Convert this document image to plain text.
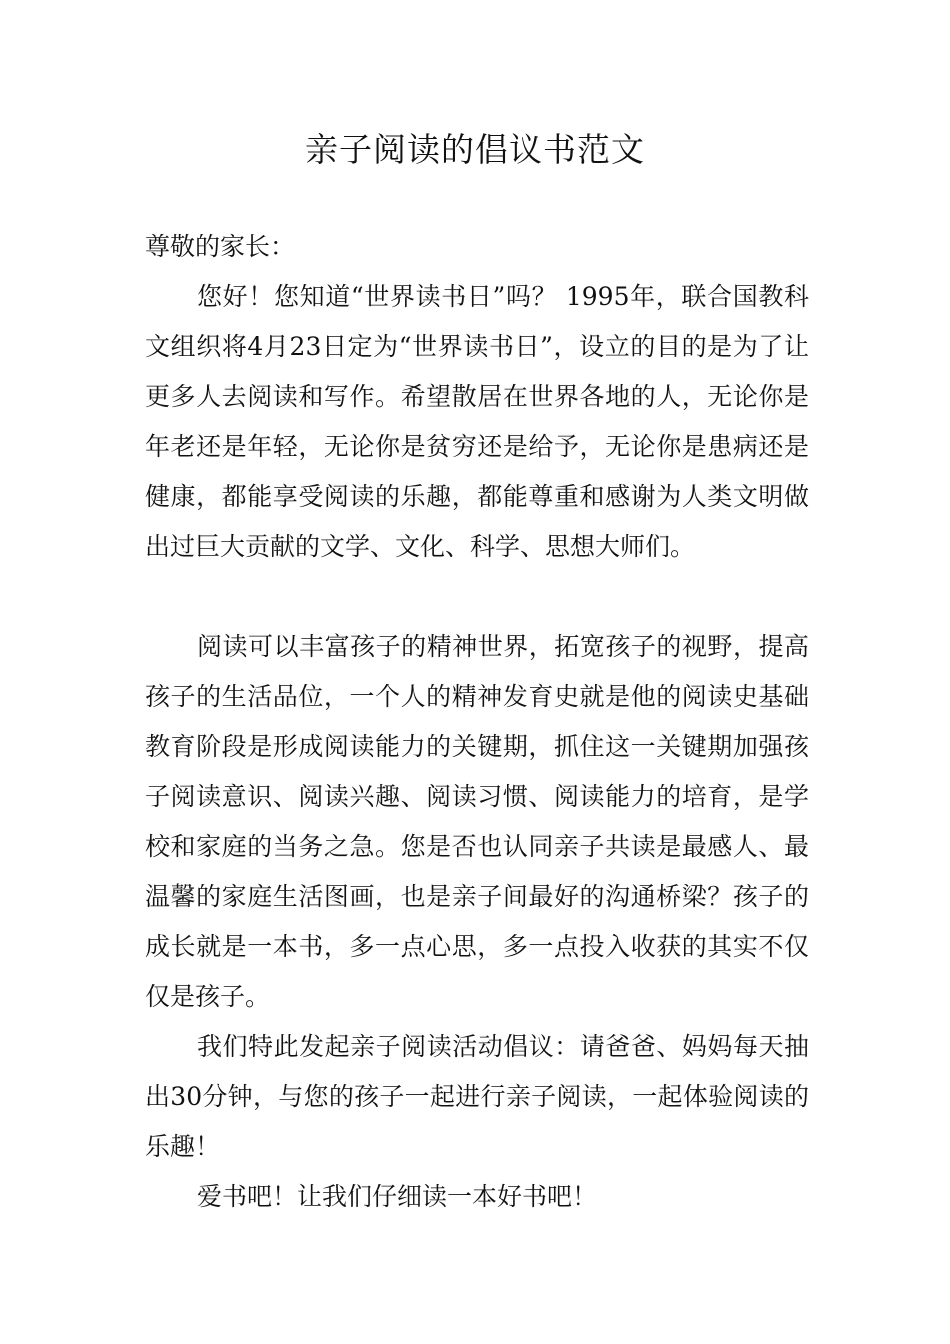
亲子阅读的倡议书范文

尊敬的家长：

您好！您知道“世界读书日”吗？ 1995年，联合国教科文组织将4月23日定为“世界读书日”，设立的目的是为了让更多人去阅读和写作。希望散居在世界各地的人，无论你是年老还是年轻，无论你是贫穷还是给予，无论你是患病还是健康，都能享受阅读的乐趣，都能尊重和感谢为人类文明做出过巨大贡献的文学、文化、科学、思想大师们。

阅读可以丰富孩子的精神世界，拓宽孩子的视野，提高孩子的生活品位，一个人的精神发育史就是他的阅读史基础教育阶段是形成阅读能力的关键期，抓住这一关键期加强孩子阅读意识、阅读兴趣、阅读习惯、阅读能力的培育，是学校和家庭的当务之急。您是否也认同亲子共读是最感人、最温馨的家庭生活图画，也是亲子间最好的沟通桥梁？孩子的成长就是一本书，多一点心思，多一点投入收获的其实不仅仅是孩子。

我们特此发起亲子阅读活动倡议：请爸爸、妈妈每天抽出30分钟，与您的孩子一起进行亲子阅读，一起体验阅读的乐趣！

爱书吧！让我们仔细读一本好书吧！
